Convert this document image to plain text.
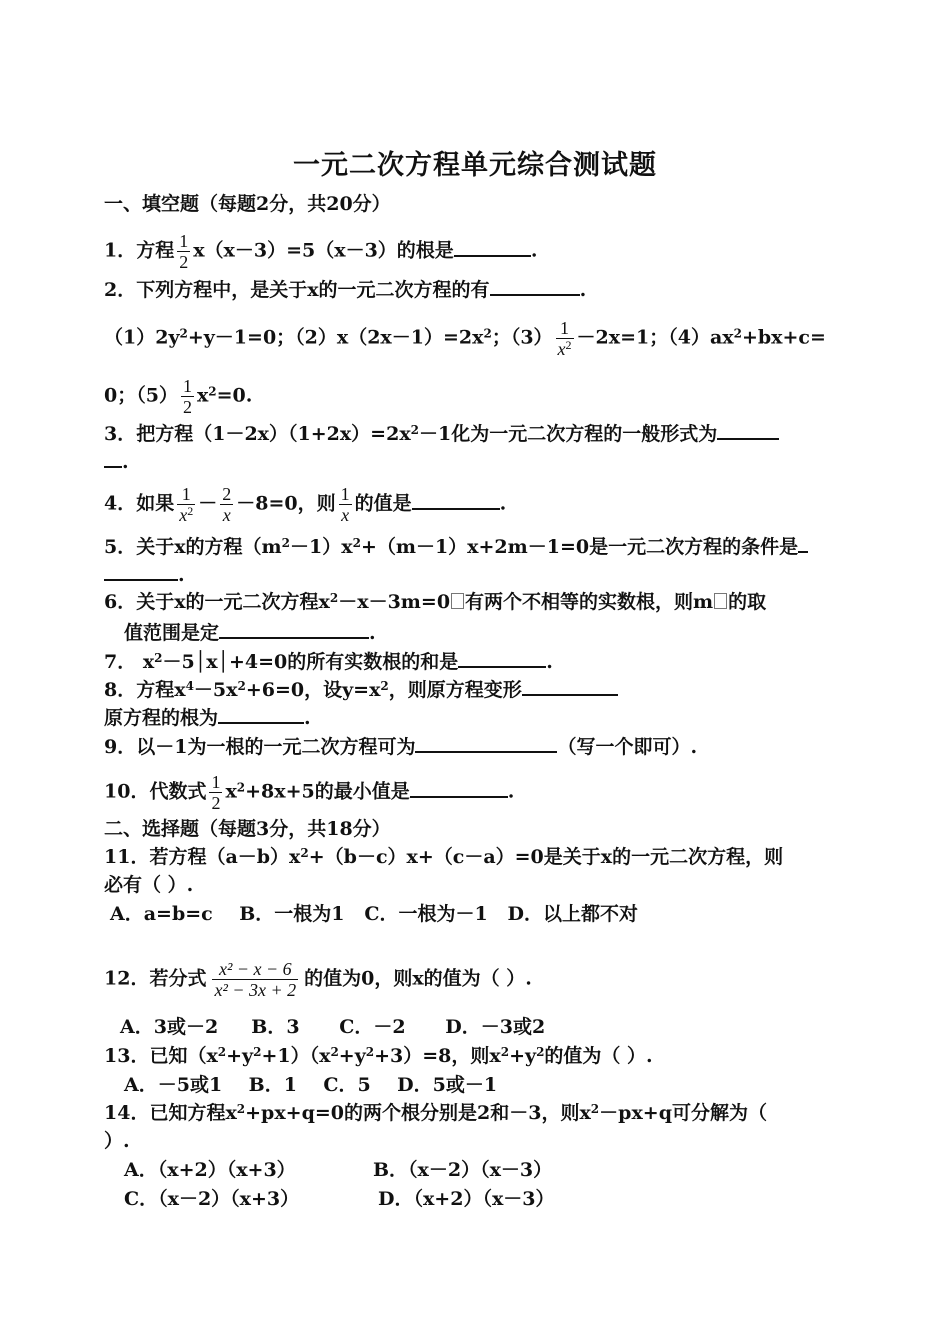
一元二次方程单元综合测试题
一、填空题（每题2分，共20分）
1．方程 $\frac{1}{2} x(x-3)=5(x-3)$的根是	.
2．下列方程中，是关于x的一元二次方程的有	.
$(1)2y^2+y-1=0$；$(2)x(2x-1)=2x^2$；$(3) \frac{1}{x^2} -2x=1$；$(4)ax^2+bx+c=$
0；$(5) \frac{1}{2} x^2=0$.
3．把方程$(1-2x)(1+2x)=2x^2-1$化为一元二次方程的一般形式为
.
4．如果 $\frac{1}{x^2} - \frac{2}{x} -8=0$，则 $\frac{1}{x}$ 的值是	.
5．关于x的方程$(m^2-1)x^2+(m-1)x+2m-1=0$是一元二次方程的条件是
.
6．关于x的一元二次方程$x^2-x-3m=0$ 有两个不相等的实数根，则m 的取
值范围是定	.
7． $x^2-5│x│+4=0$的所有实数根的和是	.
8．方程$x^4-5x^2+6=0$，设$y=x^2$，则原方程变形
原方程的根为	.
9．以－1为一根的一元二次方程可为	（写一个即可）.
10．代数式 $\frac{1}{2} x^2+8x+5$的最小值是	.
二、选择题（每题3分，共18分）
11．若方程$(a-b)x^2+(b-c)x+(c-a)=0$是关于x的一元二次方程，则
必有（ ）.
A．a=b=c    B．一根为1   C．一根为－1   D．以上都不对
12．若分式 $\frac{\text{x² − x − 6}}{\text{x² − 3x + 2}}$ 的值为0，则x的值为（ ）.
A．3或－2     B．3      C．－2      D．－3或2
13．已知$(x^2+y^2+1)(x^2+y^2+3)=8$，则$x^2+y^2$的值为（ ）.
A．－5或1    B．1    C．5    D．5或－1
14．已知方程$x^2+px+q=0$的两个根分别是2和－3，则$x^2-px+q$可分解为（
）.
A．（x+2）（x+3）	B．（x－2）（x－3）
C．（x－2）（x+3）	D．（x+2）（x－3）
